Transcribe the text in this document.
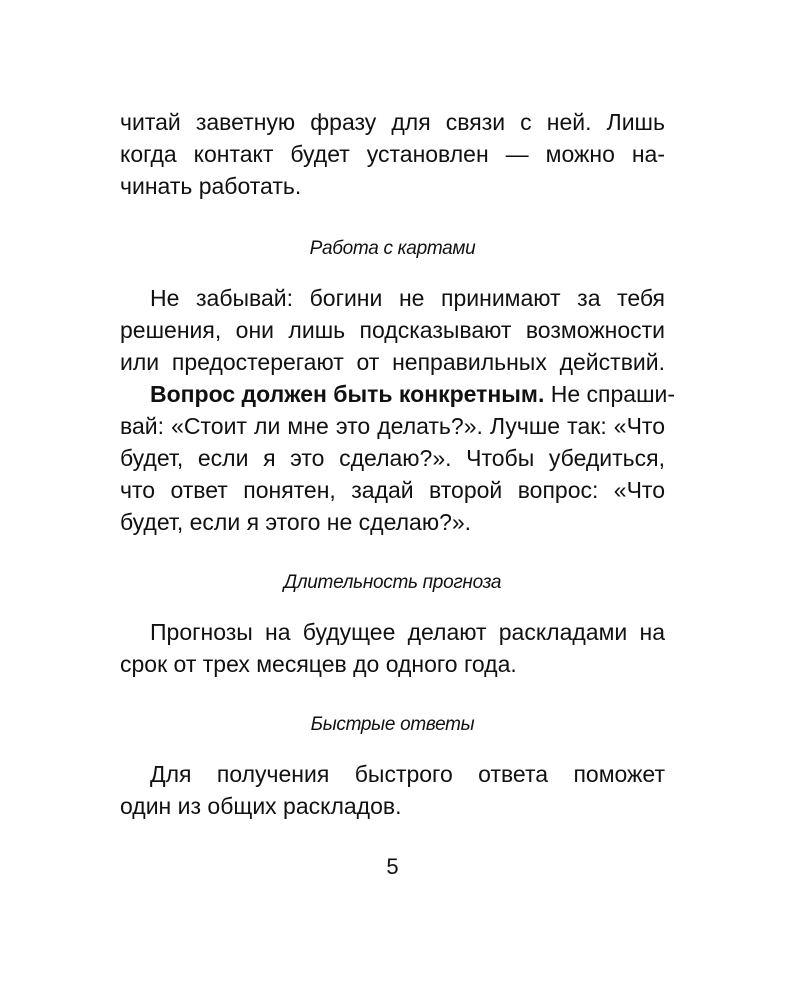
читай заветную фразу для связи с ней. Лишь
когда контакт будет установлен — можно на-
чинать работать.
Работа с картами
Не забывай: богини не принимают за тебя
решения, они лишь подсказывают возможности
или предостерегают от неправильных действий.
Вопрос должен быть конкретным. Не спраши-
вай: «Стоит ли мне это делать?». Лучше так: «Что
будет, если я это сделаю?». Чтобы убедиться,
что ответ понятен, задай второй вопрос: «Что
будет, если я этого не сделаю?».
Длительность прогноза
Прогнозы на будущее делают раскладами на
срок от трех месяцев до одного года.
Быстрые ответы
Для получения быстрого ответа поможет
один из общих раскладов.
5
